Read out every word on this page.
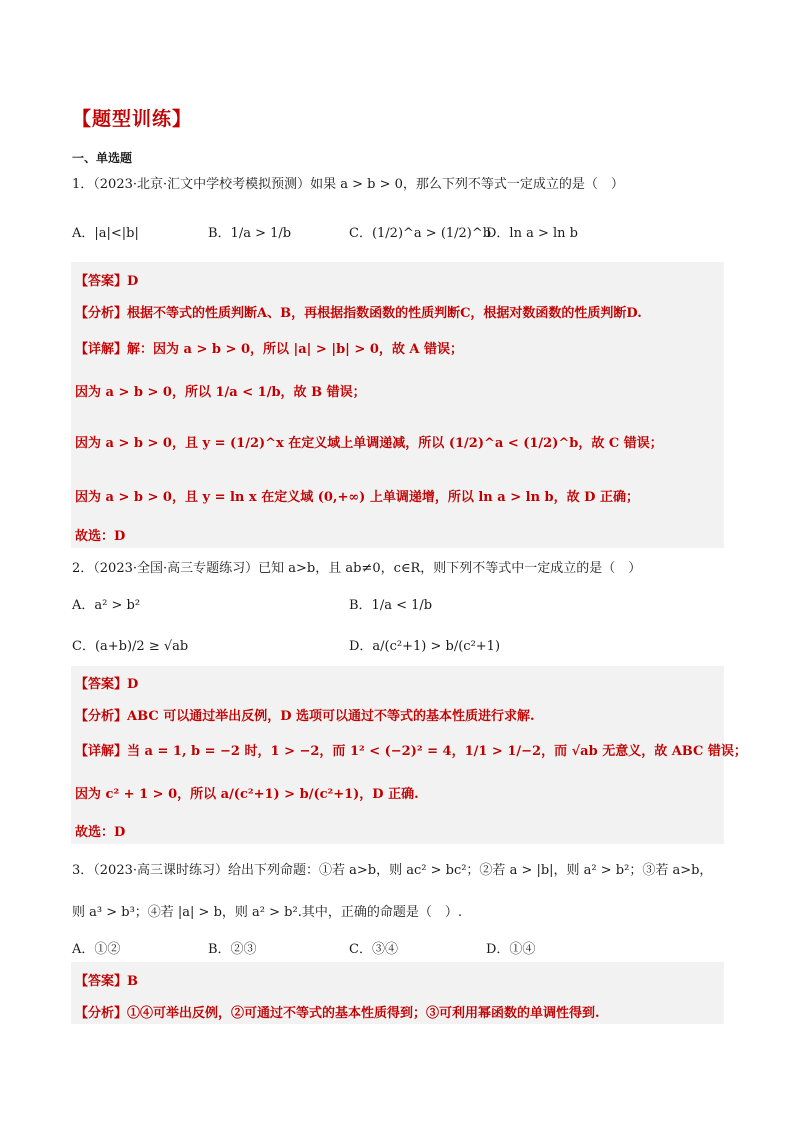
【题型训练】
一、单选题
1．（2023·北京·汇文中学校考模拟预测）如果 a > b > 0，那么下列不等式一定成立的是（　）
A．|a|<|b|	B．1/a > 1/b	C．(1/2)^a > (1/2)^b
D．ln a > ln b
【答案】D
【分析】根据不等式的性质判断A、B，再根据指数函数的性质判断C，根据对数函数的性质判断D.
【详解】解：因为 a > b > 0，所以 |a| > |b| > 0，故 A 错误；
因为 a > b > 0，所以 1/a < 1/b，故 B 错误；
因为 a > b > 0，且 y = (1/2)^x 在定义域上单调递减，所以 (1/2)^a < (1/2)^b，故 C 错误；
因为 a > b > 0，且 y = ln x 在定义域 (0,+∞) 上单调递增，所以 ln a > ln b，故 D 正确；
故选：D
2．（2023·全国·高三专题练习）已知 a>b，且 ab≠0，c∈R，则下列不等式中一定成立的是（　）
A．a² > b²	B．1/a < 1/b
C．(a+b)/2 ≥ √ab	D．a/(c²+1) > b/(c²+1)
【答案】D
【分析】ABC 可以通过举出反例，D 选项可以通过不等式的基本性质进行求解.
【详解】当 a = 1, b = −2 时，1 > −2，而 1² < (−2)² = 4，1/1 > 1/−2，而 √ab 无意义，故 ABC 错误；
因为 c² + 1 > 0，所以 a/(c²+1) > b/(c²+1)，D 正确.
故选：D
3．（2023·高三课时练习）给出下列命题：①若 a>b，则 ac² > bc²；②若 a > |b|，则 a² > b²；③若 a>b，
则 a³ > b³；④若 |a| > b，则 a² > b².其中，正确的命题是（　）.
A．①②	B．②③	C．③④	D．①④
【答案】B
【分析】①④可举出反例，②可通过不等式的基本性质得到；③可利用幂函数的单调性得到.
